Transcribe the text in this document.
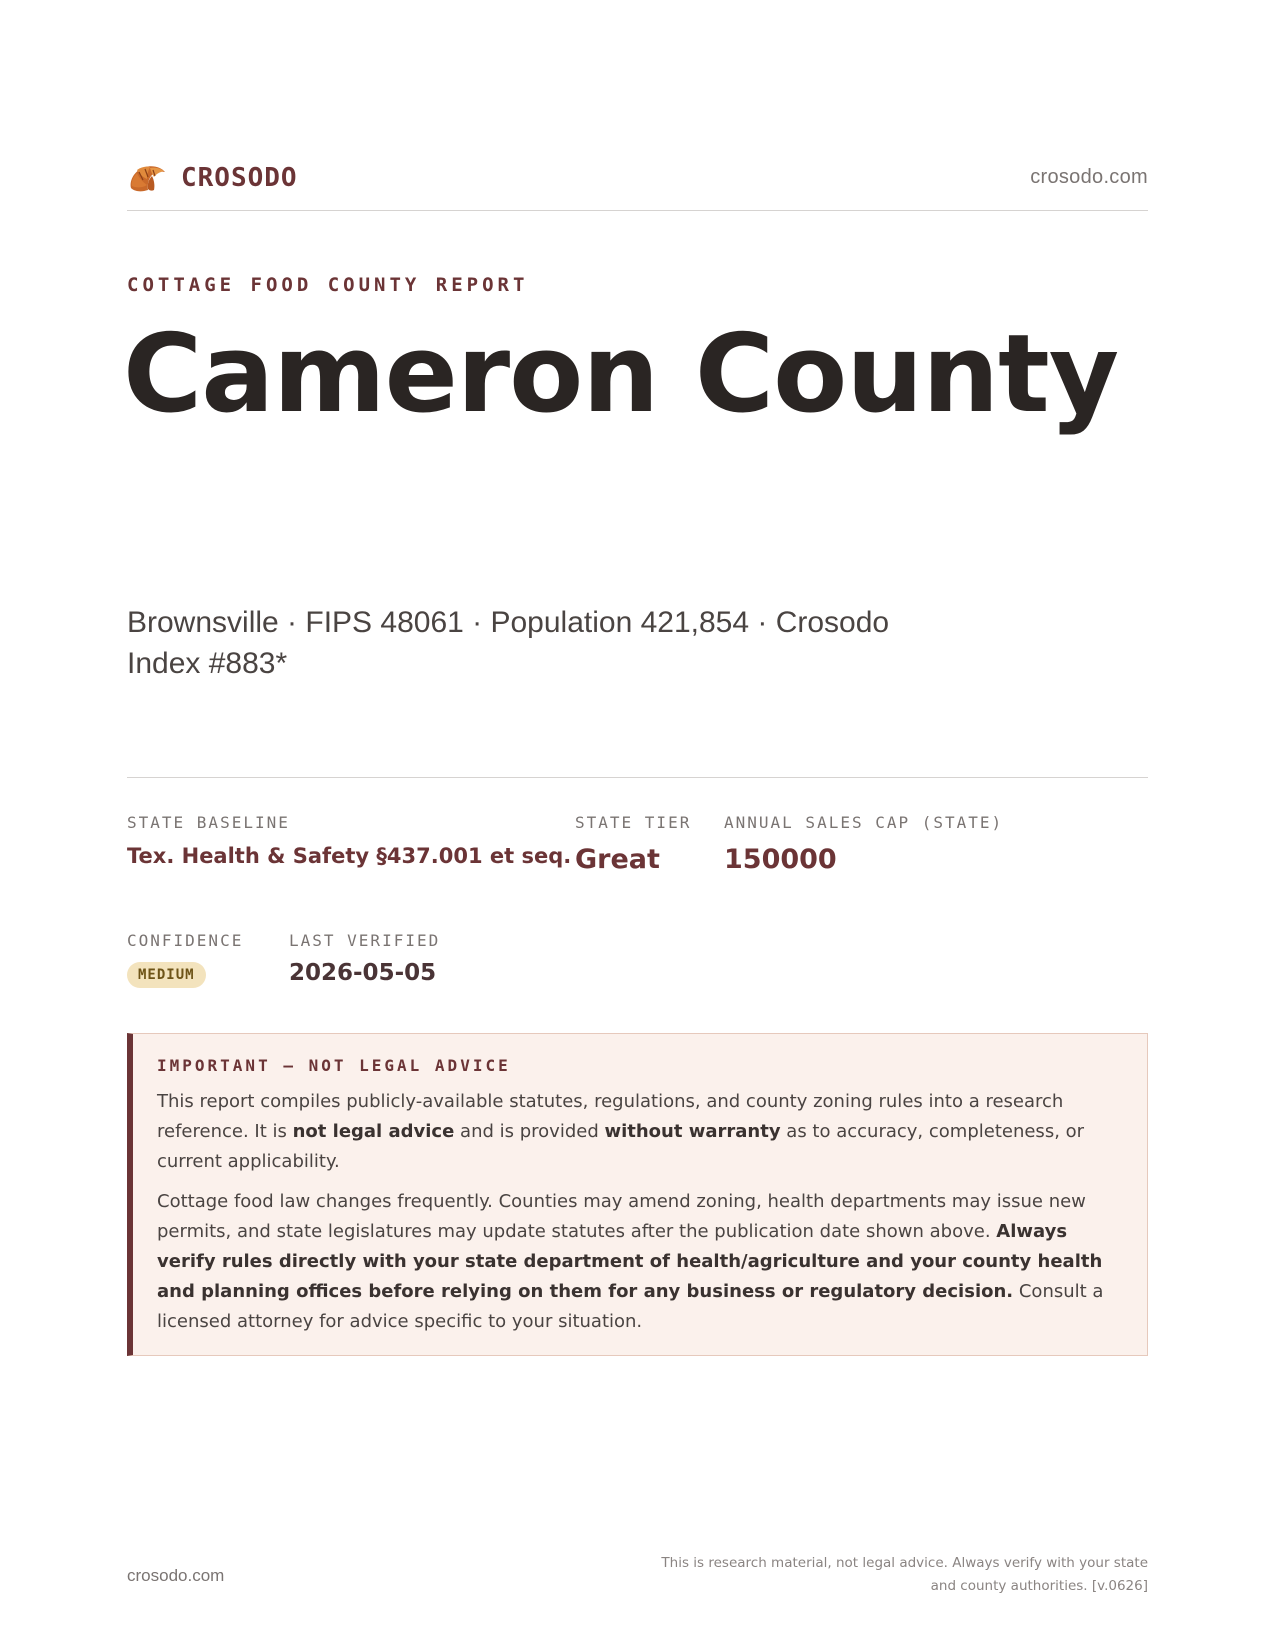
CROSODO	crosodo.com
COTTAGE FOOD COUNTY REPORT
Cameron County
Brownsville · FIPS 48061 · Population 421,854 · Crosodo Index #883*
STATE BASELINE
Tex. Health & Safety §437.001 et seq.
STATE TIER
Great
ANNUAL SALES CAP (STATE)
150000
CONFIDENCE
MEDIUM
LAST VERIFIED
2026-05-05
IMPORTANT — NOT LEGAL ADVICE

This report compiles publicly-available statutes, regulations, and county zoning rules into a research reference. It is not legal advice and is provided without warranty as to accuracy, completeness, or current applicability.

Cottage food law changes frequently. Counties may amend zoning, health departments may issue new permits, and state legislatures may update statutes after the publication date shown above. Always verify rules directly with your state department of health/agriculture and your county health and planning offices before relying on them for any business or regulatory decision. Consult a licensed attorney for advice specific to your situation.

crosodo.com
This is research material, not legal advice. Always verify with your state
and county authorities. [v.0626]
